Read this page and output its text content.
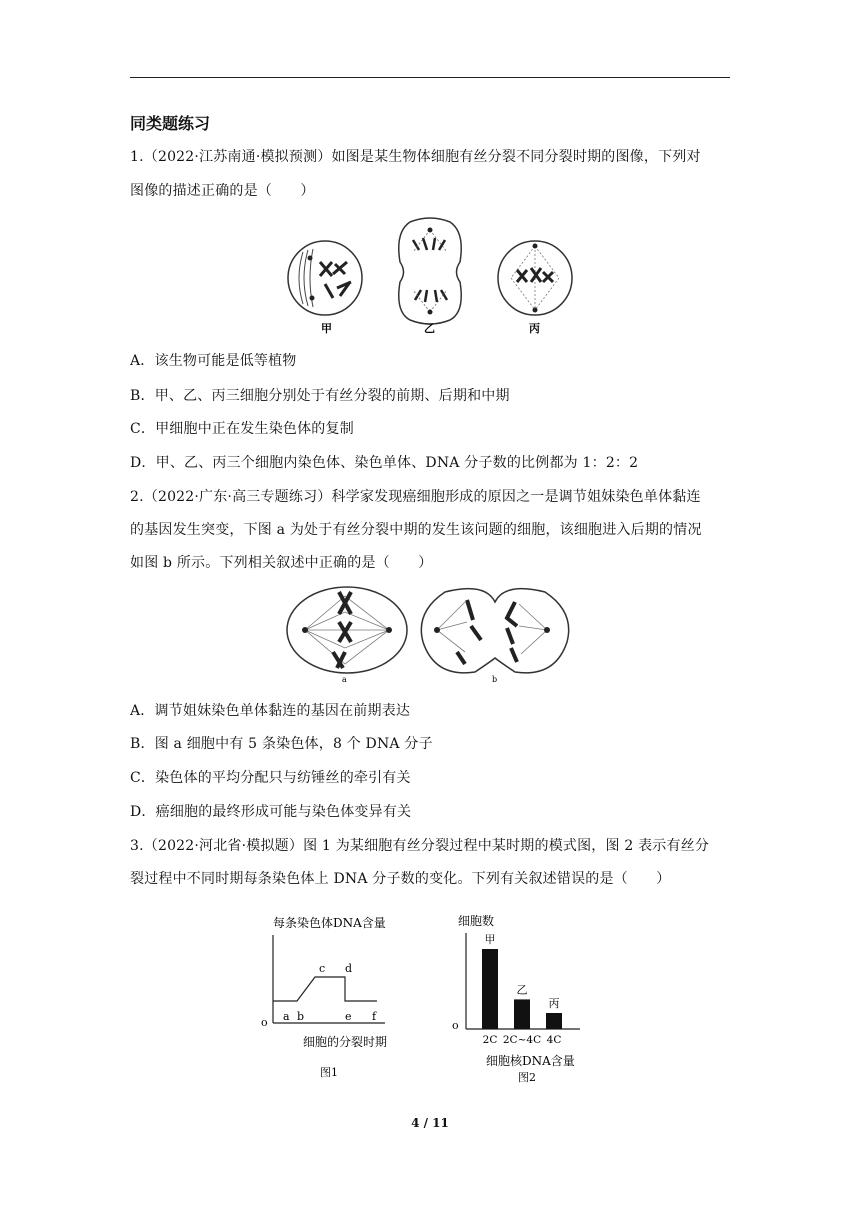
同类题练习
1.（2022·江苏南通·模拟预测）如图是某生物体细胞有丝分裂不同分裂时期的图像，下列对
图像的描述正确的是（　　）
甲	乙	丙
A．该生物可能是低等植物
B．甲、乙、丙三细胞分别处于有丝分裂的前期、后期和中期
C．甲细胞中正在发生染色体的复制
D．甲、乙、丙三个细胞内染色体、染色单体、DNA 分子数的比例都为 1：2：2
2.（2022·广东·高三专题练习）科学家发现癌细胞形成的原因之一是调节姐妹染色单体黏连
的基因发生突变，下图 a 为处于有丝分裂中期的发生该问题的细胞，该细胞进入后期的情况
如图 b 所示。下列相关叙述中正确的是（　　）
a	b
A．调节姐妹染色单体黏连的基因在前期表达
B．图 a 细胞中有 5 条染色体，8 个 DNA 分子
C．染色体的平均分配只与纺锤丝的牵引有关
D．癌细胞的最终形成可能与染色体变异有关
3.（2022·河北省·模拟题）图 1 为某细胞有丝分裂过程中某时期的模式图，图 2 表示有丝分
裂过程中不同时期每条染色体上 DNA 分子数的变化。下列有关叙述错误的是（　　）
每条染色体DNA含量
o a b
c d
e f
细胞的分裂时期
图1
细胞数
o
甲
2C
乙
2C~4C
丙
4C
细胞核DNA含量
图2
4 / 11
